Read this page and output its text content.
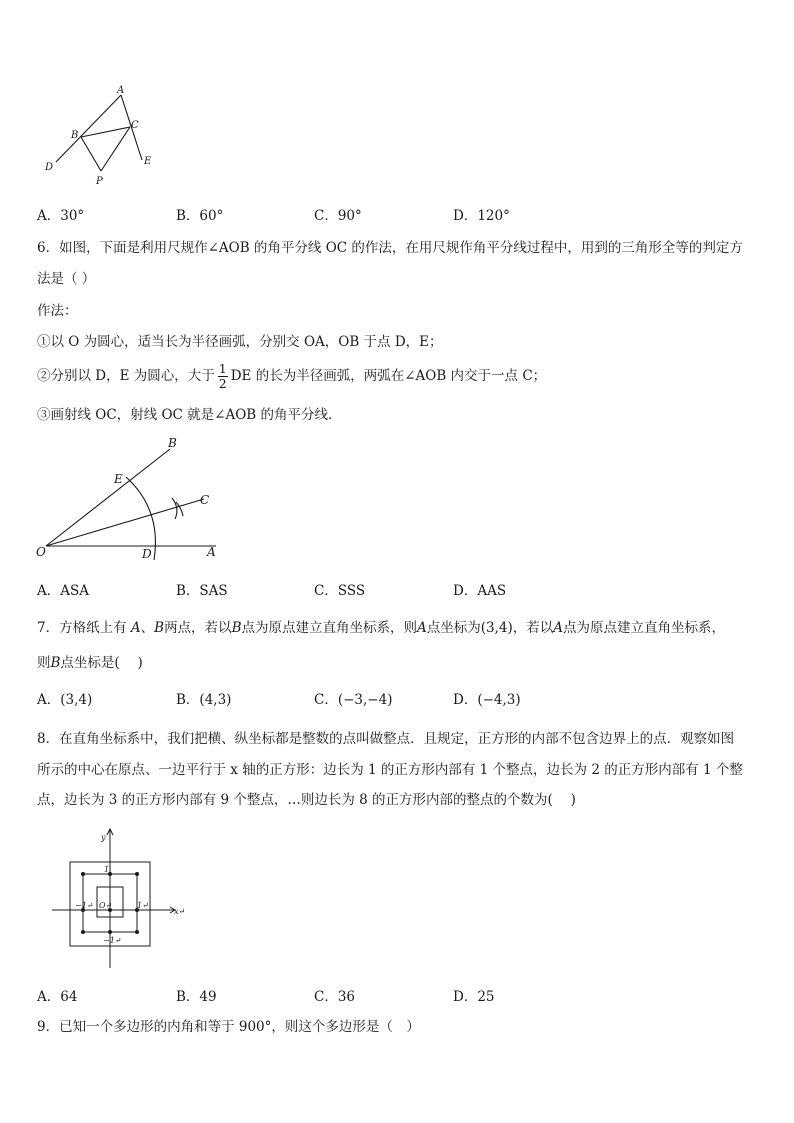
A
B
C
D
E
P
A．30°	B．60°	C．90°	D．120°
6．如图，下面是利用尺规作∠AOB 的角平分线 OC 的作法，在用尺规作角平分线过程中，用到的三角形全等的判定方
法是（ ）
作法：
①以 O 为圆心，适当长为半径画弧，分别交 OA，OB 于点 D，E；
②分别以 D，E 为圆心，大于 $\frac{1}{2}$ DE 的长为半径画弧，两弧在∠AOB 内交于一点 C；
③画射线 OC，射线 OC 就是∠AOB 的角平分线．
B
E
C
O	D	A
A．ASA	B．SAS	C．SSS	D．AAS
7．方格纸上有 A、B两点，若以B点为原点建立直角坐标系，则A点坐标为(3,4)，若以A点为原点建立直角坐标系，
则B点坐标是(　 )
A．(3,4)	B．(4,3)	C．(−3,−4)	D．(−4,3)
8．在直角坐标系中，我们把横、纵坐标都是整数的点叫做整点．且规定，正方形的内部不包含边界上的点．观察如图
所示的中心在原点、一边平行于 x 轴的正方形：边长为 1 的正方形内部有 1 个整点，边长为 2 的正方形内部有 1 个整
点，边长为 3 的正方形内部有 9 个整点，…则边长为 8 的正方形内部的整点的个数为(　 )
y
x↵
1
1↵
−1↵
−1↵
O↵
A．64	B．49	C．36	D．25
9．已知一个多边形的内角和等于 900°，则这个多边形是（　）
